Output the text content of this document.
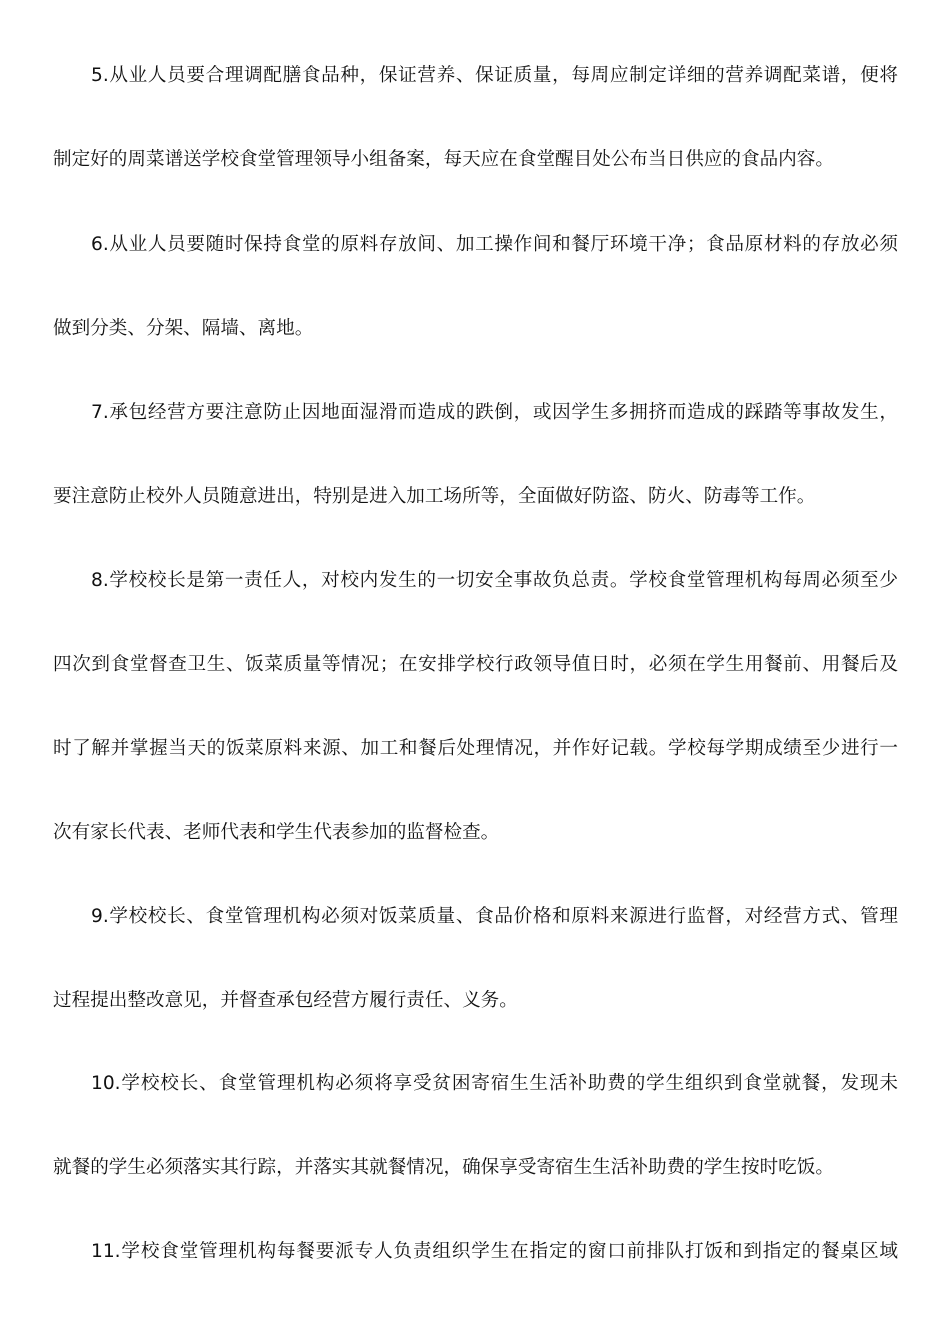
5.从业人员要合理调配膳食品种，保证营养、保证质量，每周应制定详细的营养调配菜谱，便将
制定好的周菜谱送学校食堂管理领导小组备案，每天应在食堂醒目处公布当日供应的食品内容。
6.从业人员要随时保持食堂的原料存放间、加工操作间和餐厅环境干净；食品原材料的存放必须
做到分类、分架、隔墙、离地。
7.承包经营方要注意防止因地面湿滑而造成的跌倒，或因学生多拥挤而造成的踩踏等事故发生，
要注意防止校外人员随意进出，特别是进入加工场所等，全面做好防盗、防火、防毒等工作。
8.学校校长是第一责任人，对校内发生的一切安全事故负总责。学校食堂管理机构每周必须至少
四次到食堂督查卫生、饭菜质量等情况；在安排学校行政领导值日时，必须在学生用餐前、用餐后及
时了解并掌握当天的饭菜原料来源、加工和餐后处理情况，并作好记载。学校每学期成绩至少进行一
次有家长代表、老师代表和学生代表参加的监督检查。
9.学校校长、食堂管理机构必须对饭菜质量、食品价格和原料来源进行监督，对经营方式、管理
过程提出整改意见，并督查承包经营方履行责任、义务。
10.学校校长、食堂管理机构必须将享受贫困寄宿生生活补助费的学生组织到食堂就餐，发现未
就餐的学生必须落实其行踪，并落实其就餐情况，确保享受寄宿生生活补助费的学生按时吃饭。
11.学校食堂管理机构每餐要派专人负责组织学生在指定的窗口前排队打饭和到指定的餐桌区域
